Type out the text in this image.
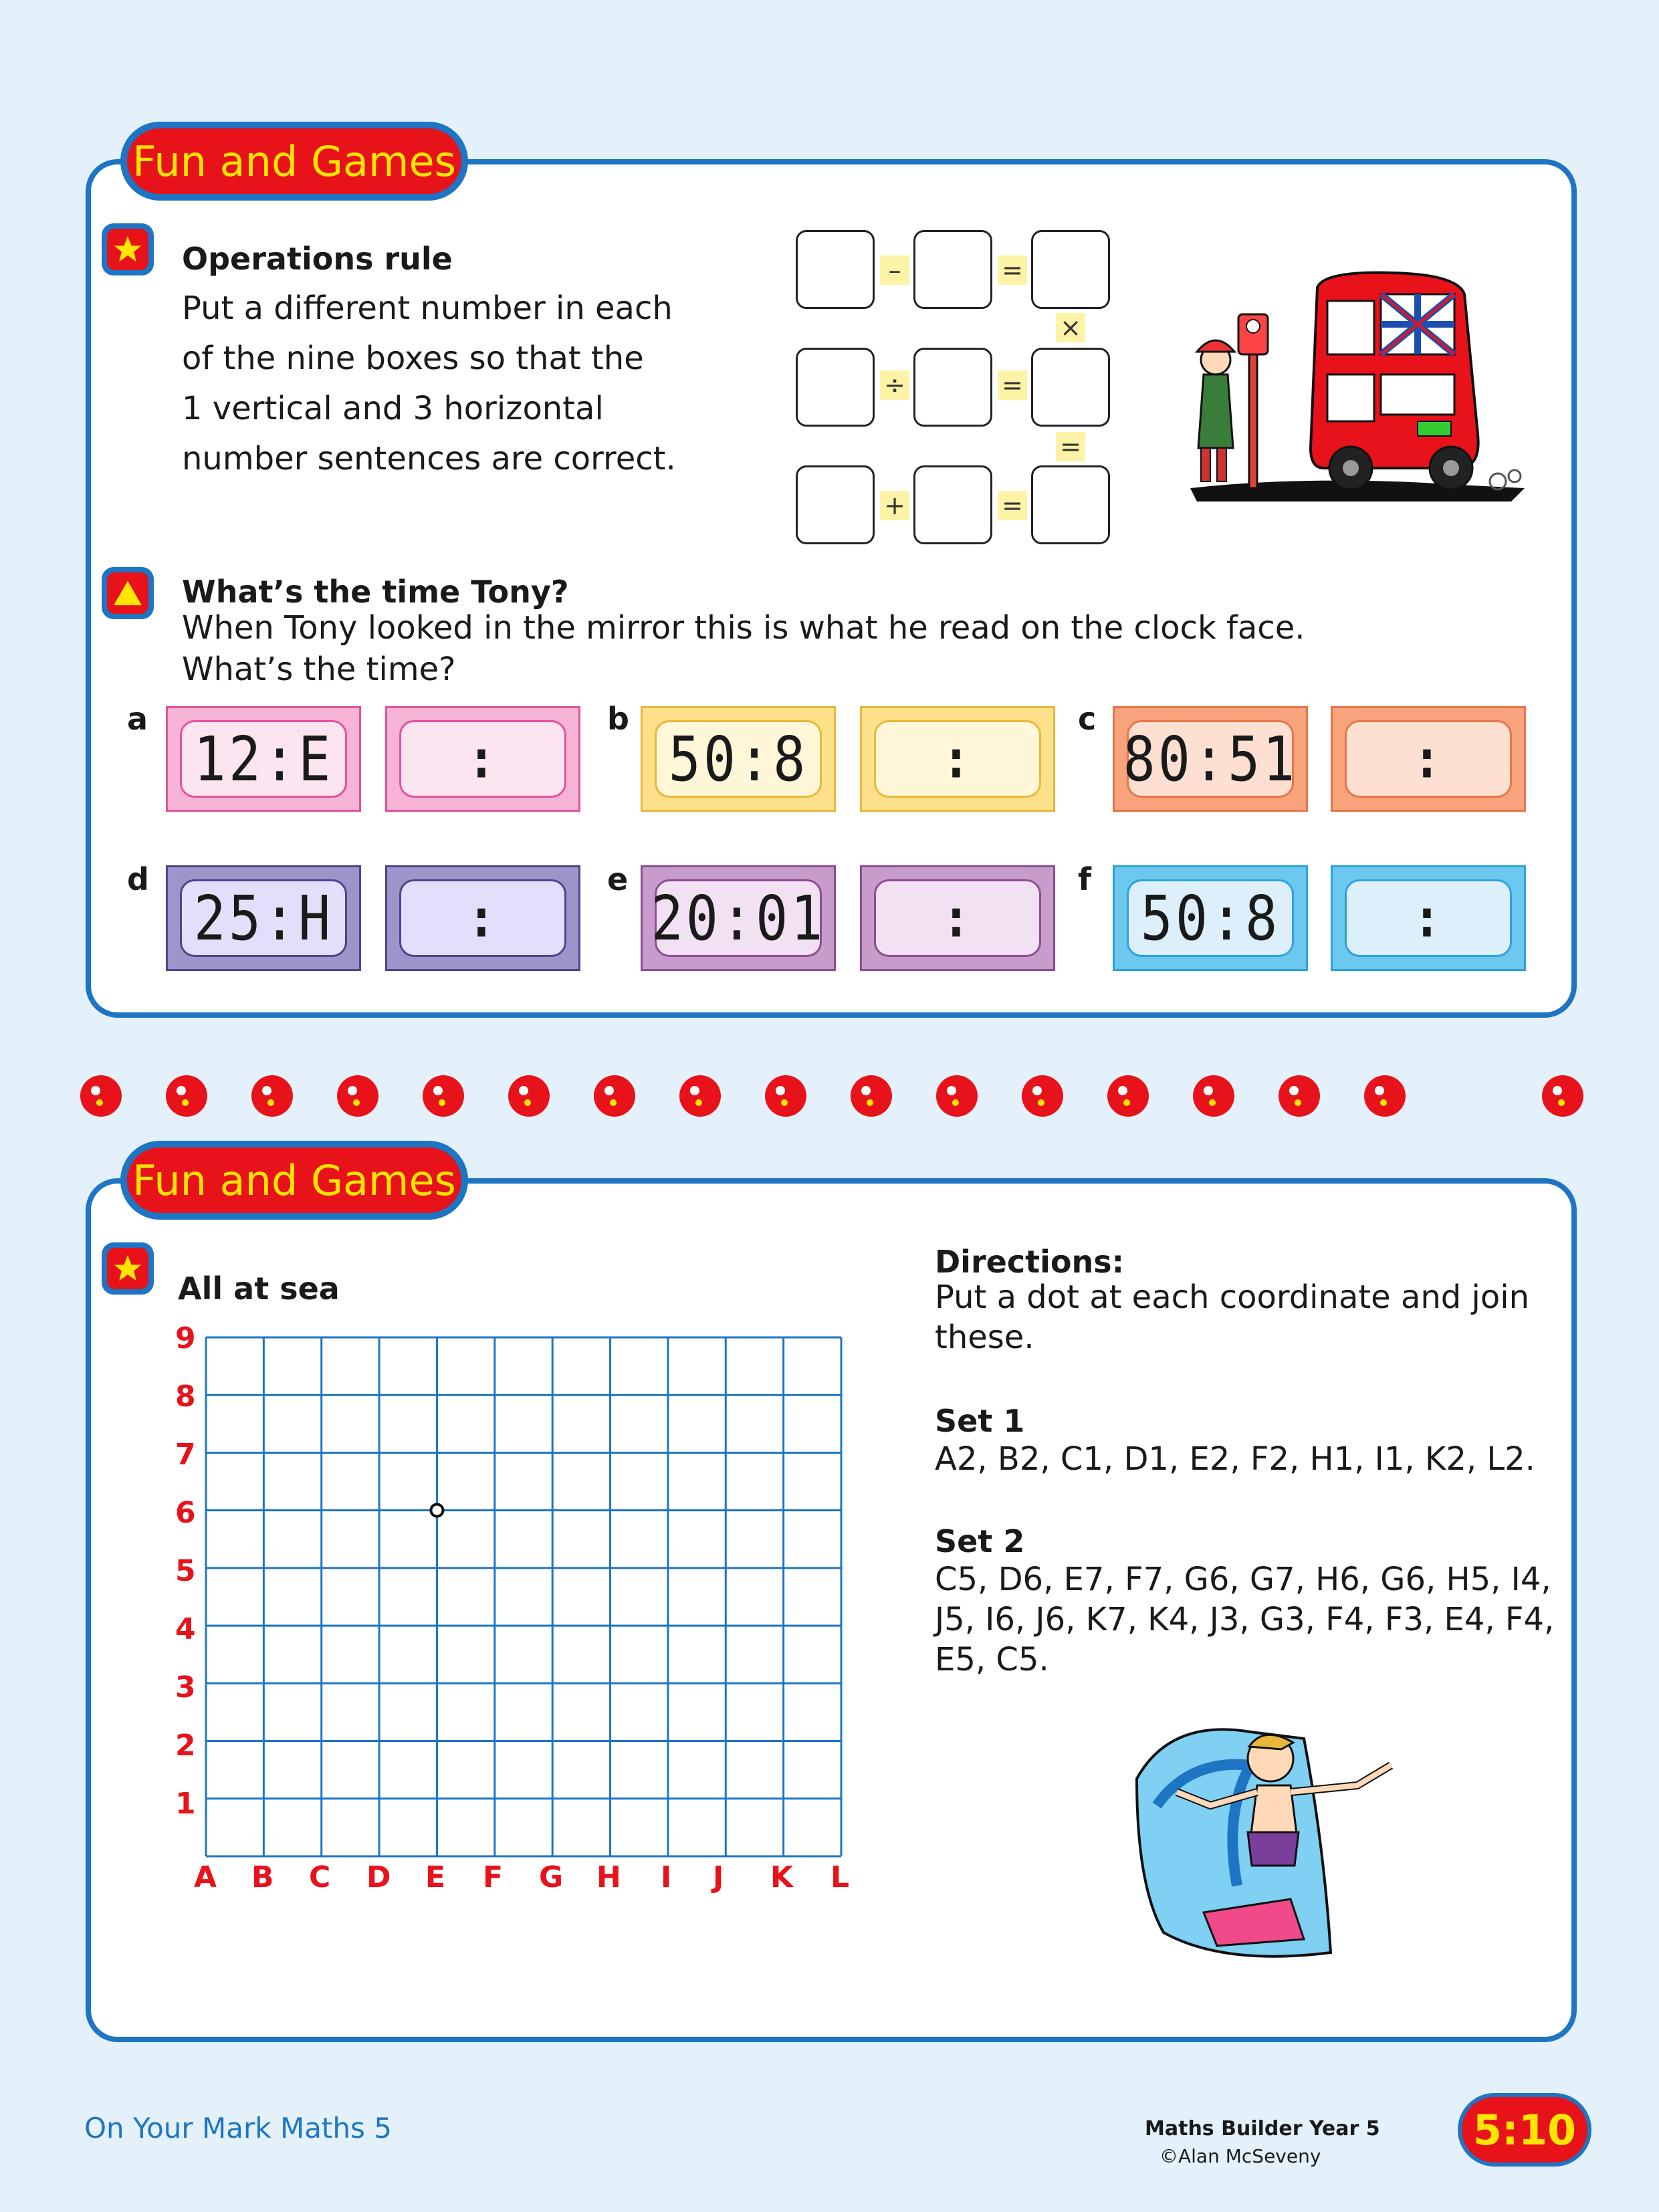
Fun and Games
Operations rule
Put a different number in each
of the nine boxes so that the
1 vertical and 3 horizontal
number sentences are correct.
–	=
×
÷	=
=
+	=
What’s the time Tony?
When Tony looked in the mirror this is what he read on the clock face.
What’s the time?
a
12:E	:
b
50:8	:
c
80:51 :
d
25:H	:
e
20:01 :
f
50:8	:
Fun and Games
All at sea
9
8
7
6
5
4
3
2
1
A B C D E F G H I J K L
Directions:
Put a dot at each coordinate and join
these.
Set 1
A2, B2, C1, D1, E2, F2, H1, I1, K2, L2.
Set 2
C5, D6, E7, F7, G6, G7, H6, G6, H5, I4,
J5, I6, J6, K7, K4, J3, G3, F4, F3, E4, F4,
E5, C5.
On Your Mark Maths 5	Maths Builder Year 5
©Alan McSeveny
5:10
